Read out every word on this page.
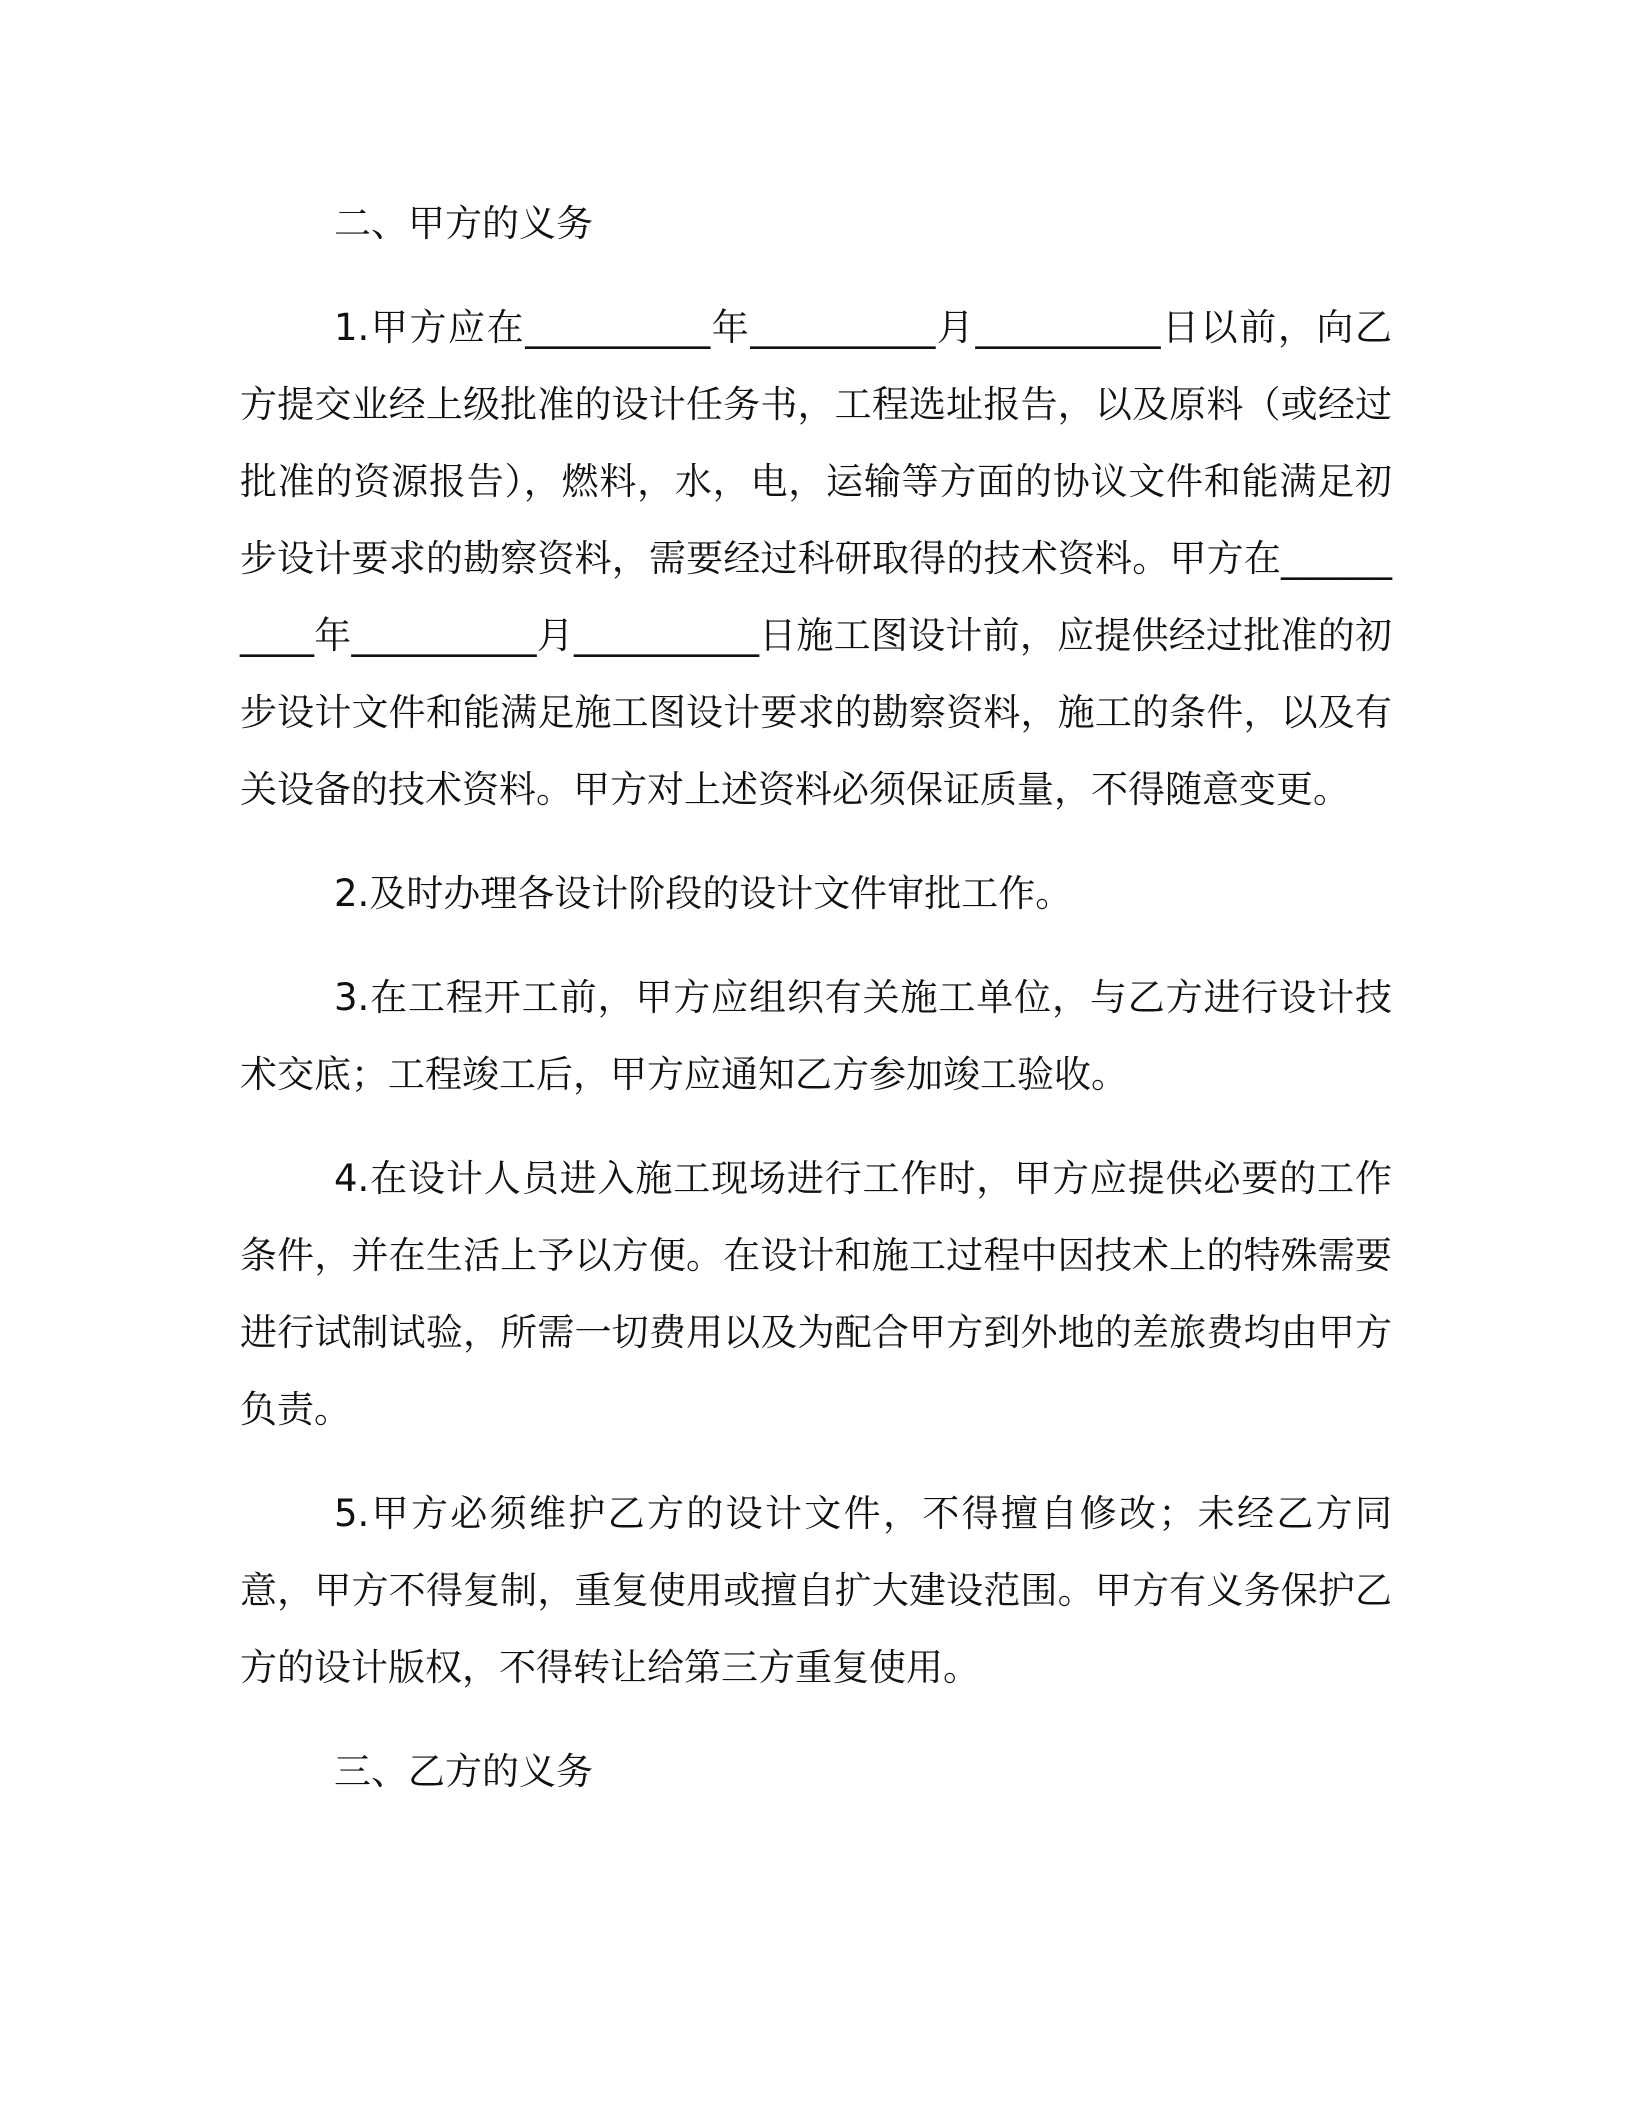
二、甲方的义务

1.甲方应在__________年__________月__________日以前，向乙方提交业经上级批准的设计任务书，工程选址报告，以及原料（或经过批准的资源报告），燃料，水，电，运输等方面的协议文件和能满足初步设计要求的勘察资料，需要经过科研取得的技术资料。甲方在__________年__________月__________日施工图设计前，应提供经过批准的初步设计文件和能满足施工图设计要求的勘察资料，施工的条件，以及有关设备的技术资料。甲方对上述资料必须保证质量，不得随意变更。

2.及时办理各设计阶段的设计文件审批工作。

3.在工程开工前，甲方应组织有关施工单位，与乙方进行设计技术交底；工程竣工后，甲方应通知乙方参加竣工验收。

4.在设计人员进入施工现场进行工作时，甲方应提供必要的工作条件，并在生活上予以方便。在设计和施工过程中因技术上的特殊需要进行试制试验，所需一切费用以及为配合甲方到外地的差旅费均由甲方负责。

5.甲方必须维护乙方的设计文件，不得擅自修改；未经乙方同意，甲方不得复制，重复使用或擅自扩大建设范围。甲方有义务保护乙方的设计版权，不得转让给第三方重复使用。

三、乙方的义务
